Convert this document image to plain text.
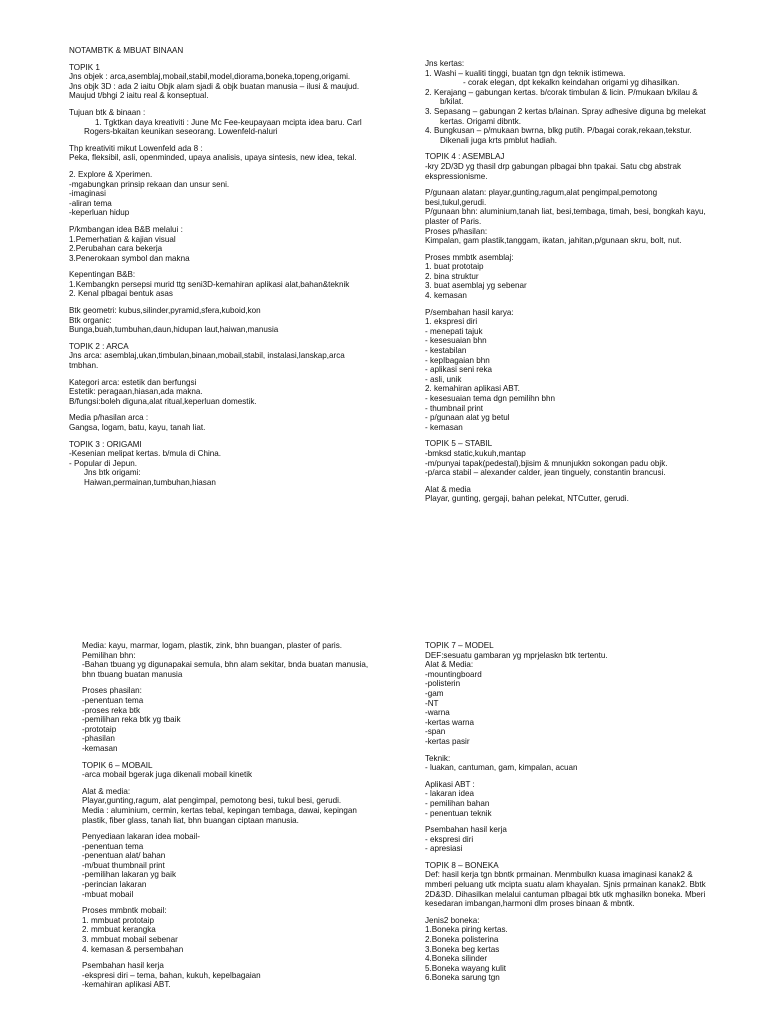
NOTAMBTK & MBUAT BINAAN
TOPIK 1
Jns objek : arca,asemblaj,mobail,stabil,model,diorama,boneka,topeng,origami.
Jns objk 3D : ada 2 iaitu Objk alam sjadi & objk buatan manusia – ilusi & maujud.
Maujud t/bhgi 2 iaitu real & konseptual.
Tujuan btk & binaan :
1. Tgktkan daya kreativiti : June Mc Fee-keupayaan mcipta idea baru. Carl
Rogers-bkaitan keunikan seseorang. Lowenfeld-naluri
Thp kreativiti mikut Lowenfeld ada 8 :
Peka, fleksibil, asli, openminded, upaya analisis, upaya sintesis, new idea, tekal.
2. Explore & Xperimen.
-mgabungkan prinsip rekaan dan unsur seni.
-imaginasi
-aliran tema
-keperluan hidup
P/kmbangan idea B&B melalui :
1.Pemerhatian & kajian visual
2.Perubahan cara bekerja
3.Penerokaan symbol dan makna
Kepentingan B&B:
1.Kembangkn persepsi murid ttg seni3D-kemahiran aplikasi alat,bahan&teknik
2. Kenal plbagai bentuk asas
Btk geometri: kubus,silinder,pyramid,sfera,kuboid,kon
Btk organic:
Bunga,buah,tumbuhan,daun,hidupan laut,haiwan,manusia
TOPIK 2 : ARCA
Jns arca: asemblaj,ukan,timbulan,binaan,mobail,stabil, instalasi,lanskap,arca
tmbhan.
Kategori arca: estetik dan berfungsi
Estetik: peragaan,hiasan,ada makna.
B/fungsi:boleh diguna,alat ritual,keperluan domestik.
Media p/hasilan arca :
Gangsa, logam, batu, kayu, tanah liat.
TOPIK 3 : ORIGAMI
-Kesenian melipat kertas. b/mula di China.
- Popular di Jepun.
Jns btk origami:
Haiwan,permainan,tumbuhan,hiasan
Jns kertas:
1. Washi – kualiti tinggi, buatan tgn dgn teknik istimewa.
- corak elegan, dpt kekalkn keindahan origami yg dihasilkan.
2. Kerajang – gabungan kertas. b/corak timbulan & licin. P/mukaan b/kilau &
b/kilat.
3. Sepasang – gabungan 2 kertas b/lainan. Spray adhesive diguna bg melekat
kertas. Origami dibntk.
4. Bungkusan – p/mukaan bwrna, blkg putih. P/bagai corak,rekaan,tekstur.
Dikenali juga krts pmblut hadiah.
TOPIK 4 : ASEMBLAJ
-kry 2D/3D yg thasil drp gabungan plbagai bhn tpakai. Satu cbg abstrak
ekspressionisme.
P/gunaan alatan: playar,gunting,ragum,alat pengimpal,pemotong
besi,tukul,gerudi.
P/gunaan bhn: aluminium,tanah liat, besi,tembaga, timah, besi, bongkah kayu,
plaster of Paris.
Proses p/hasilan:
Kimpalan, gam plastik,tanggam, ikatan, jahitan,p/gunaan skru, bolt, nut.
Proses mmbtk asemblaj:
1. buat prototaip
2. bina struktur
3. buat asemblaj yg sebenar
4. kemasan
P/sembahan hasil karya:
1. ekspresi diri
- menepati tajuk
- kesesuaian bhn
- kestabilan
- kepIbagaian bhn
- aplikasi seni reka
- asli, unik
2. kemahiran aplikasi ABT.
- kesesuaian tema dgn pemilihn bhn
- thumbnail print
- p/gunaan alat yg betul
- kemasan
TOPIK 5 – STABIL
-bmksd static,kukuh,mantap
-m/punyai tapak(pedestal),bjisim & mnunjukkn sokongan padu objk.
-p/arca stabil – alexander calder, jean tinguely, constantin brancusi.
Alat & media
Playar, gunting, gergaji, bahan pelekat, NTCutter, gerudi.
Media: kayu, marmar, logam, plastik, zink, bhn buangan, plaster of paris.
Pemilihan bhn:
-Bahan tbuang yg digunapakai semula, bhn alam sekitar, bnda buatan manusia,
bhn tbuang buatan manusia
Proses phasilan:
-penentuan tema
-proses reka btk
-pemilihan reka btk yg tbaik
-prototaip
-phasilan
-kemasan
TOPIK 6 – MOBAIL
-arca mobail bgerak juga dikenali mobail kinetik
Alat & media:
Playar,gunting,ragum, alat pengimpal, pemotong besi, tukul besi, gerudi.
Media : aluminium, cermin, kertas tebal, kepingan tembaga, dawai, kepingan
plastik, fiber glass, tanah liat, bhn buangan ciptaan manusia.
Penyediaan lakaran idea mobail-
-penentuan tema
-penentuan alat/ bahan
-m/buat thumbnail print
-pemilihan lakaran yg baik
-perincian lakaran
-mbuat mobail
Proses mmbntk mobail:
1. mmbuat prototaip
2. mmbuat kerangka
3. mmbuat mobail sebenar
4. kemasan & persembahan
Psembahan hasil kerja
-ekspresi diri – tema, bahan, kukuh, kepelbagaian
-kemahiran aplikasi ABT.
TOPIK 7 – MODEL
DEF:sesuatu gambaran yg mprjelaskn btk tertentu.
Alat & Media:
-mountingboard
-polisterin
-gam
-NT
-warna
-kertas warna
-span
-kertas pasir
Teknik:
- luakan, cantuman, gam, kimpalan, acuan
Aplikasi ABT :
- lakaran idea
- pemilihan bahan
- penentuan teknik
Psembahan hasil kerja
- ekspresi diri
- apresiasi
TOPIK 8 – BONEKA
Def: hasil kerja tgn bbntk prmainan. Menmbulkn kuasa imaginasi kanak2 &
mmberi peluang utk mcipta suatu alam khayalan. Sjnis prmainan kanak2. Bbtk
2D&3D. Dihasilkan melalui cantuman plbagai btk utk mghasilkn boneka. Mberi
kesedaran imbangan,harmoni dlm proses binaan & mbntk.
Jenis2 boneka:
1.Boneka piring kertas.
2.Boneka polisterina
3.Boneka beg kertas
4.Boneka silinder
5.Boneka wayang kulit
6.Boneka sarung tgn
